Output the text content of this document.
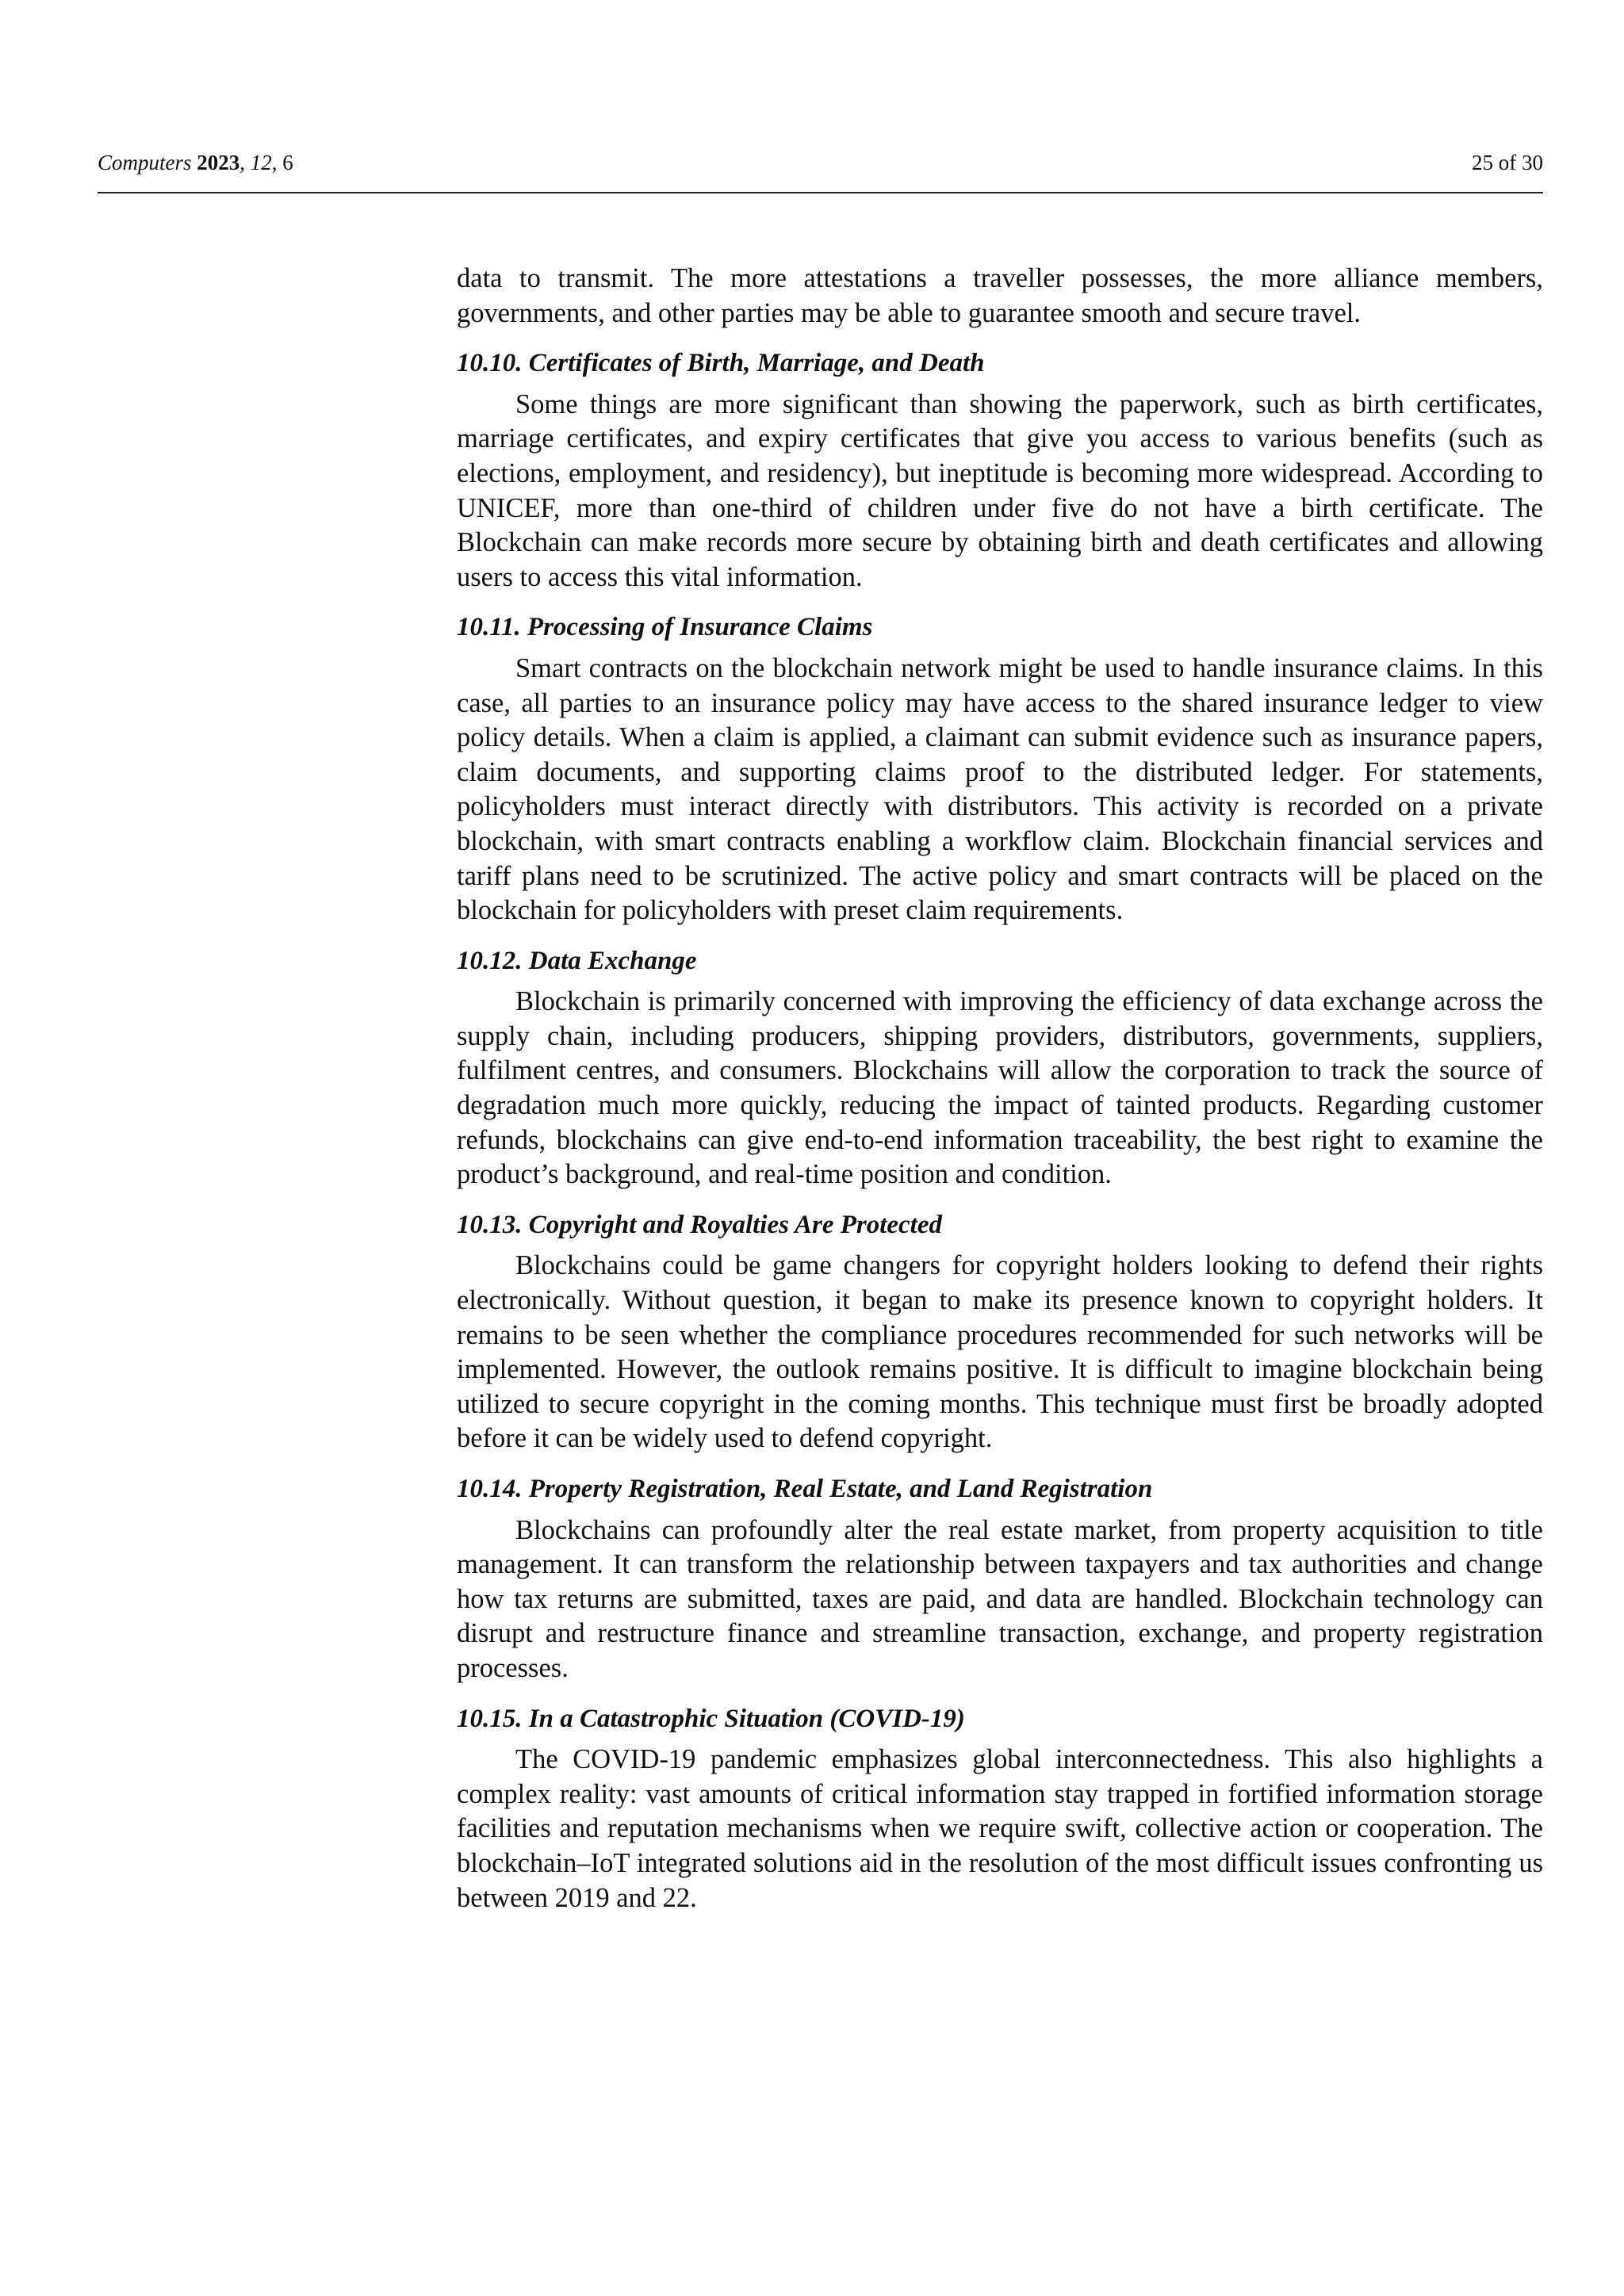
Computers 2023, 12, 6	25 of 30

data to transmit. The more attestations a traveller possesses, the more alliance members, governments, and other parties may be able to guarantee smooth and secure travel.

10.10. Certificates of Birth, Marriage, and Death

Some things are more significant than showing the paperwork, such as birth certificates, marriage certificates, and expiry certificates that give you access to various benefits (such as elections, employment, and residency), but ineptitude is becoming more widespread. According to UNICEF, more than one-third of children under five do not have a birth certificate. The Blockchain can make records more secure by obtaining birth and death certificates and allowing users to access this vital information.

10.11. Processing of Insurance Claims

Smart contracts on the blockchain network might be used to handle insurance claims. In this case, all parties to an insurance policy may have access to the shared insurance ledger to view policy details. When a claim is applied, a claimant can submit evidence such as insurance papers, claim documents, and supporting claims proof to the distributed ledger. For statements, policyholders must interact directly with distributors. This activity is recorded on a private blockchain, with smart contracts enabling a workflow claim. Blockchain financial services and tariff plans need to be scrutinized. The active policy and smart contracts will be placed on the blockchain for policyholders with preset claim requirements.

10.12. Data Exchange

Blockchain is primarily concerned with improving the efficiency of data exchange across the supply chain, including producers, shipping providers, distributors, governments, suppliers, fulfilment centres, and consumers. Blockchains will allow the corporation to track the source of degradation much more quickly, reducing the impact of tainted products. Regarding customer refunds, blockchains can give end-to-end information traceability, the best right to examine the product’s background, and real-time position and condition.

10.13. Copyright and Royalties Are Protected

Blockchains could be game changers for copyright holders looking to defend their rights electronically. Without question, it began to make its presence known to copyright holders. It remains to be seen whether the compliance procedures recommended for such networks will be implemented. However, the outlook remains positive. It is difficult to imagine blockchain being utilized to secure copyright in the coming months. This technique must first be broadly adopted before it can be widely used to defend copyright.

10.14. Property Registration, Real Estate, and Land Registration

Blockchains can profoundly alter the real estate market, from property acquisition to title management. It can transform the relationship between taxpayers and tax authorities and change how tax returns are submitted, taxes are paid, and data are handled. Blockchain technology can disrupt and restructure finance and streamline transaction, exchange, and property registration processes.

10.15. In a Catastrophic Situation (COVID-19)

The COVID-19 pandemic emphasizes global interconnectedness. This also highlights a complex reality: vast amounts of critical information stay trapped in fortified information storage facilities and reputation mechanisms when we require swift, collective action or cooperation. The blockchain–IoT integrated solutions aid in the resolution of the most difficult issues confronting us between 2019 and 22.
